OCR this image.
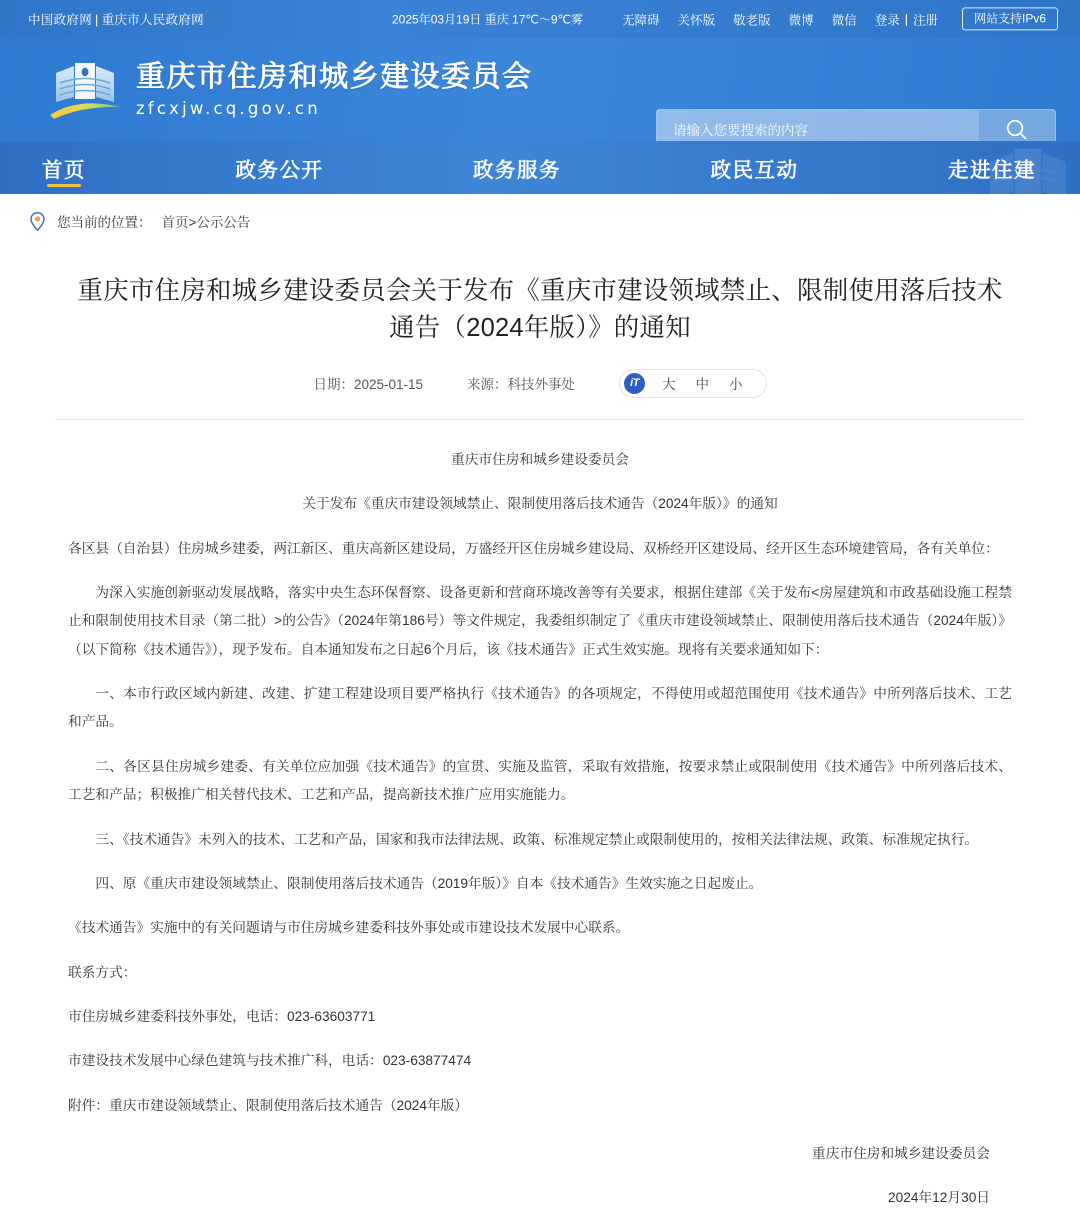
中国政府网 | 重庆市人民政府网	2025年03月19日 重庆 17℃～9℃雾	无障碍 关怀版 敬老版 微博 微信 登录 | 注册	网站支持IPv6
重庆市住房和城乡建设委员会
zfcxjw.cq.gov.cn
请输入您要搜索的内容
首页	政务公开	政务服务	政民互动	走进住建
您当前的位置： 首页>公示公告
重庆市住房和城乡建设委员会关于发布《重庆市建设领域禁止、限制使用落后技术通告（2024年版）》的通知
日期：2025-01-15	来源：科技外事处	iT	大	中	小

重庆市住房和城乡建设委员会

关于发布《重庆市建设领域禁止、限制使用落后技术通告（2024年版）》的通知

各区县（自治县）住房城乡建委，两江新区、重庆高新区建设局，万盛经开区住房城乡建设局、双桥经开区建设局、经开区生态环境建管局，各有关单位：

为深入实施创新驱动发展战略，落实中央生态环保督察、设备更新和营商环境改善等有关要求，根据住建部《关于发布<房屋建筑和市政基础设施工程禁止和限制使用技术目录（第二批）>的公告》（2024年第186号）等文件规定，我委组织制定了《重庆市建设领域禁止、限制使用落后技术通告（2024年版）》（以下简称《技术通告》），现予发布。自本通知发布之日起6个月后，该《技术通告》正式生效实施。现将有关要求通知如下：

一、本市行政区域内新建、改建、扩建工程建设项目要严格执行《技术通告》的各项规定，不得使用或超范围使用《技术通告》中所列落后技术、工艺和产品。

二、各区县住房城乡建委、有关单位应加强《技术通告》的宣贯、实施及监管，采取有效措施，按要求禁止或限制使用《技术通告》中所列落后技术、工艺和产品；积极推广相关替代技术、工艺和产品，提高新技术推广应用实施能力。

三、《技术通告》未列入的技术、工艺和产品，国家和我市法律法规、政策、标准规定禁止或限制使用的，按相关法律法规、政策、标准规定执行。

四、原《重庆市建设领域禁止、限制使用落后技术通告（2019年版）》自本《技术通告》生效实施之日起废止。

《技术通告》实施中的有关问题请与市住房城乡建委科技外事处或市建设技术发展中心联系。

联系方式：

市住房城乡建委科技外事处，电话：023-63603771

市建设技术发展中心绿色建筑与技术推广科，电话：023-63877474

附件：重庆市建设领域禁止、限制使用落后技术通告（2024年版）

重庆市住房和城乡建设委员会

2024年12月30日
